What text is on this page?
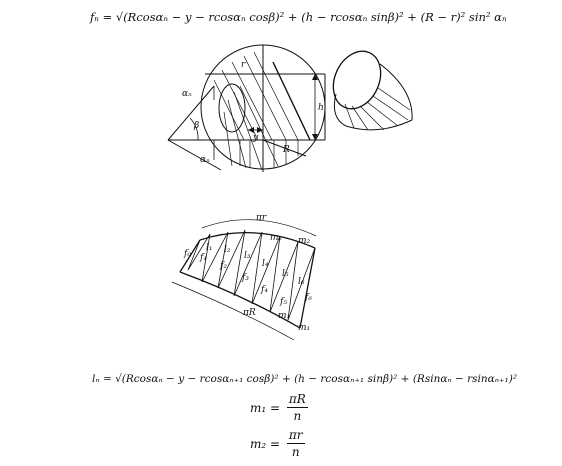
fₙ = √(Rcosαₙ − y − rcosαₙ cosβ)² + (h − rcosαₙ sinβ)² + (R − r)² sin² αₙ
αₙ
β
αₙ
y
r
R
h
πr
m₂ m₂
πR m₁
m₁
f₀ f₁
f₂
f₃
f₄
f₅ f₆
l₁ l₂
l₃
l₄
l₅
l₆
lₙ = √(Rcosαₙ − y − rcosαₙ₊₁ cosβ)² + (h − rcosαₙ₊₁ sinβ)² + (Rsinαₙ − rsinαₙ₊₁)²
$m_1 = \frac{\pi R}{n}$
$m_2 = \frac{\pi r}{n}$
